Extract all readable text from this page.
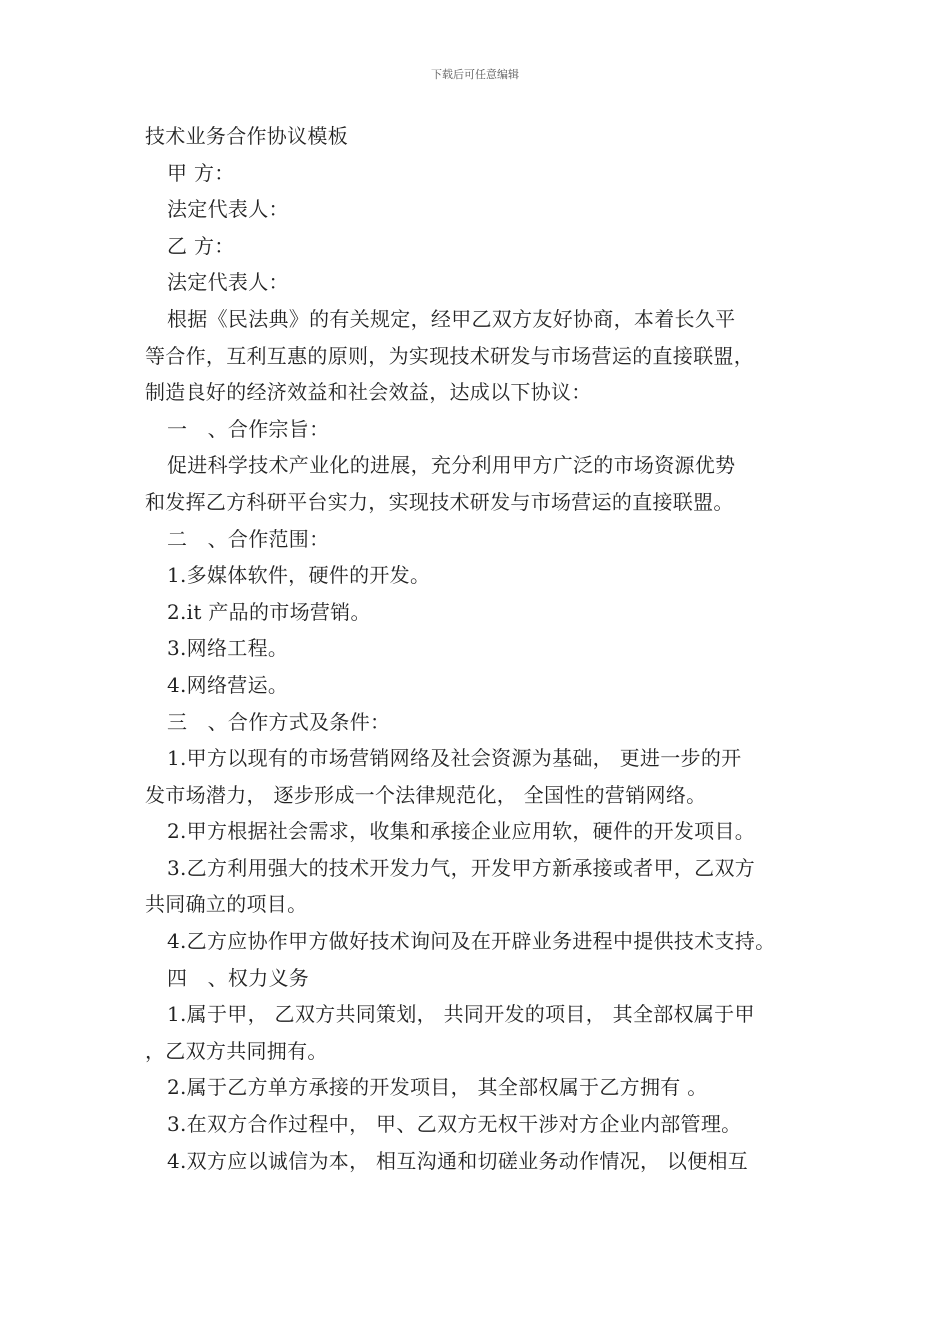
下载后可任意编辑
技术业务合作协议模板
甲 方：
法定代表人：
乙 方：
法定代表人：
根据《民法典》的有关规定，经甲乙双方友好协商，本着长久平
等合作，互利互惠的原则，为实现技术研发与市场营运的直接联盟，
制造良好的经济效益和社会效益，达成以下协议：
一　、合作宗旨：
促进科学技术产业化的进展，充分利用甲方广泛的市场资源优势
和发挥乙方科研平台实力，实现技术研发与市场营运的直接联盟。
二　、合作范围：
1.多媒体软件，硬件的开发。
2.it 产品的市场营销。
3.网络工程。
4.网络营运。
三　、合作方式及条件：
1.甲方以现有的市场营销网络及社会资源为基础， 更进一步的开
发市场潜力， 逐步形成一个法律规范化， 全国性的营销网络。
2.甲方根据社会需求，收集和承接企业应用软，硬件的开发项目。
3.乙方利用强大的技术开发力气，开发甲方新承接或者甲，乙双方
共同确立的项目。
4.乙方应协作甲方做好技术询问及在开辟业务进程中提供技术支持。
四　、权力义务
1.属于甲， 乙双方共同策划， 共同开发的项目， 其全部权属于甲
，乙双方共同拥有。
2.属于乙方单方承接的开发项目， 其全部权属于乙方拥有 。
3.在双方合作过程中， 甲、乙双方无权干涉对方企业内部管理。
4.双方应以诚信为本， 相互沟通和切磋业务动作情况， 以便相互
